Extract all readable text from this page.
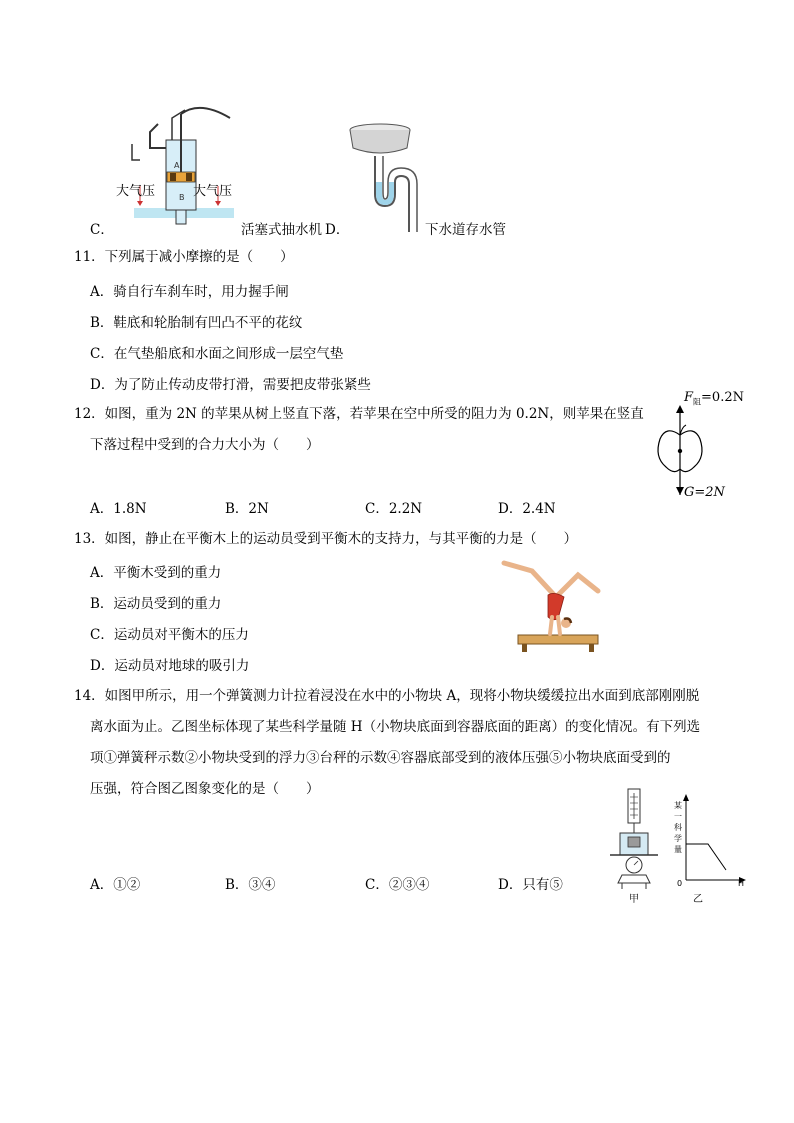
A
B
大气压	大气压
C．	活塞式抽水机 D．	下水道存水管
11．下列属于减小摩擦的是（　　）
A．骑自行车刹车时，用力握手闸
B．鞋底和轮胎制有凹凸不平的花纹
C．在气垫船底和水面之间形成一层空气垫
D．为了防止传动皮带打滑，需要把皮带张紧些
12．如图，重为 2N 的苹果从树上竖直下落，若苹果在空中所受的阻力为 0.2N，则苹果在竖直
下落过程中受到的合力大小为（　　）
A．1.8N	B．2N	C．2.2N	D．2.4N
$F_阻=0.2N$
G=2N
13．如图，静止在平衡木上的运动员受到平衡木的支持力，与其平衡的力是（　　）
A．平衡木受到的重力
B．运动员受到的重力
C．运动员对平衡木的压力
D．运动员对地球的吸引力
14．如图甲所示，用一个弹簧测力计拉着浸没在水中的小物块 A，现将小物块缓缓拉出水面到底部刚刚脱
离水面为止。乙图坐标体现了某些科学量随 H（小物块底面到容器底面的距离）的变化情况。有下列选
项①弹簧秤示数②小物块受到的浮力③台秤的示数④容器底部受到的液体压强⑤小物块底面受到的
压强，符合图乙图象变化的是（　　）
A．①②	B．③④	C．②③④	D．只有⑤
甲
某
一
科
学
量
0	H
乙
